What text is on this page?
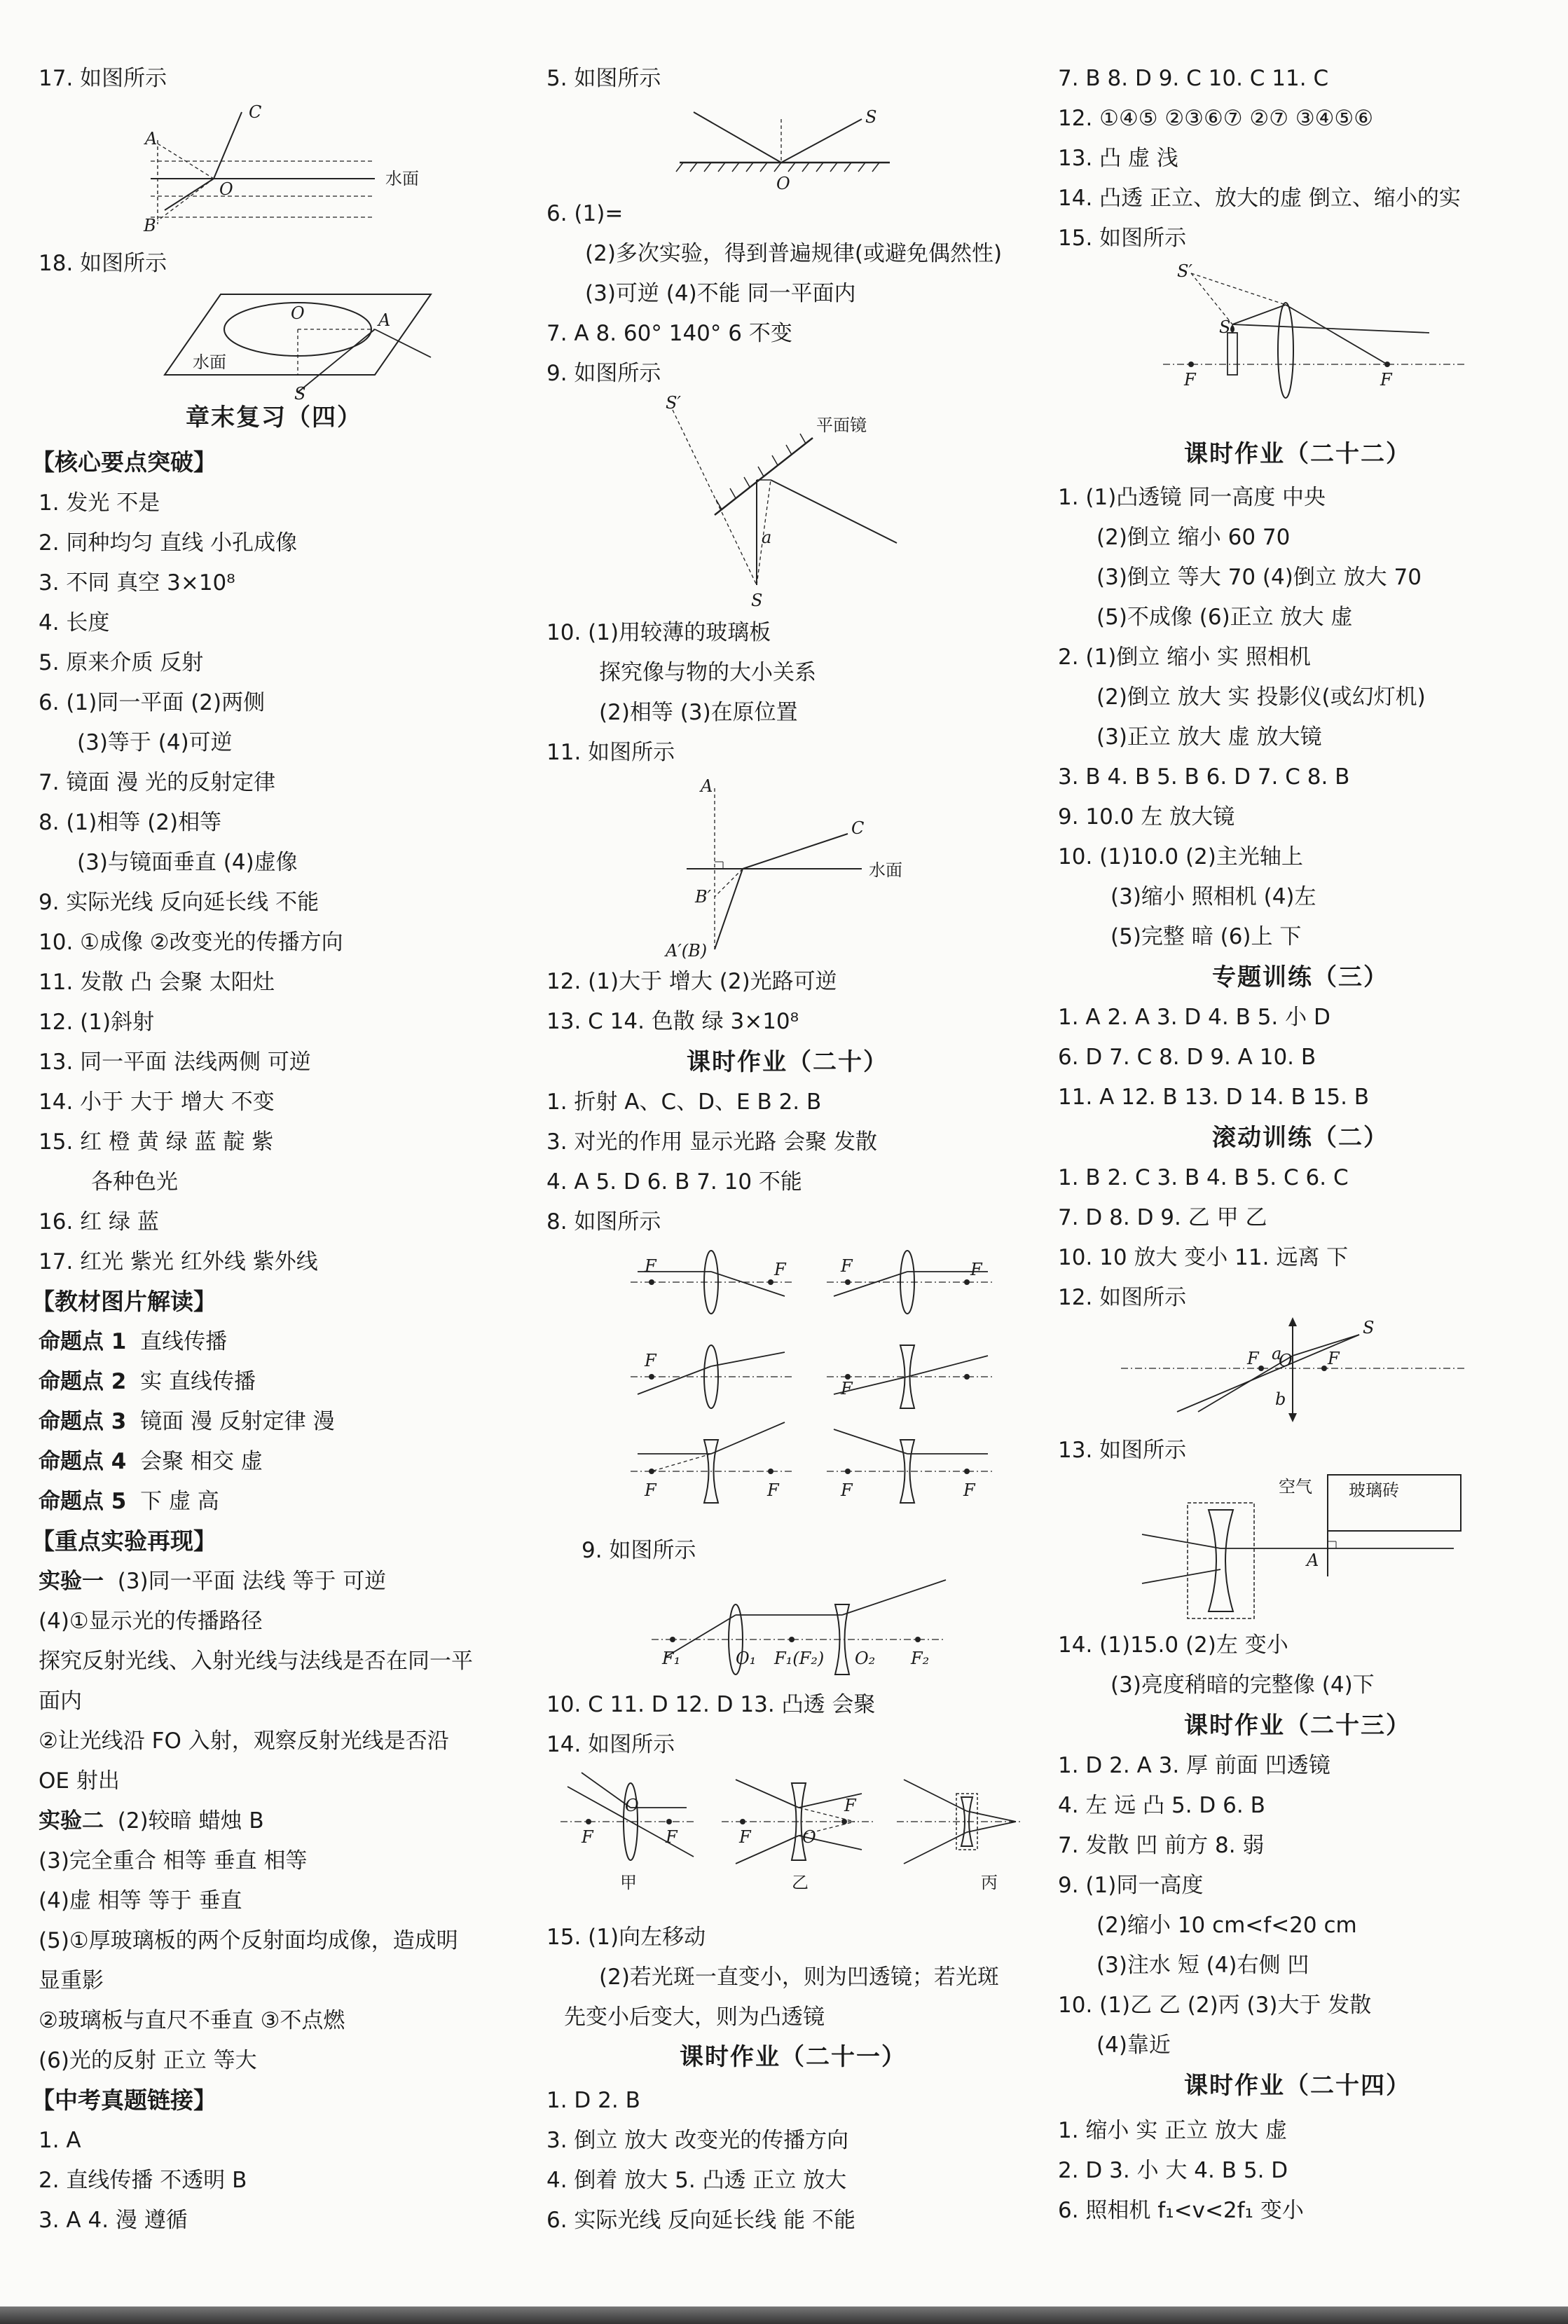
17. 如图所示
C
A
O
B
水面
18. 如图所示
O	A
水面
S
章末复习（四）
【核心要点突破】
1. 发光 不是
2. 同种均匀 直线 小孔成像
3. 不同 真空 3×10⁸
4. 长度
5. 原来介质 反射
6. (1)同一平面 (2)两侧
(3)等于 (4)可逆
7. 镜面 漫 光的反射定律
8. (1)相等 (2)相等
(3)与镜面垂直 (4)虚像
9. 实际光线 反向延长线 不能
10. ①成像 ②改变光的传播方向
11. 发散 凸 会聚 太阳灶
12. (1)斜射
13. 同一平面 法线两侧 可逆
14. 小于 大于 增大 不变
15. 红 橙 黄 绿 蓝 靛 紫
各种色光
16. 红 绿 蓝
17. 红光 紫光 红外线 紫外线
【教材图片解读】
命题点 1 直线传播
命题点 2 实 直线传播
命题点 3 镜面 漫 反射定律 漫
命题点 4 会聚 相交 虚
命题点 5 下 虚 高
【重点实验再现】
实验一 (3)同一平面 法线 等于 可逆
(4)①显示光的传播路径
探究反射光线、入射光线与法线是否在同一平
面内
②让光线沿 FO 入射，观察反射光线是否沿
OE 射出
实验二 (2)较暗 蜡烛 B
(3)完全重合 相等 垂直 相等
(4)虚 相等 等于 垂直
(5)①厚玻璃板的两个反射面均成像，造成明
显重影
②玻璃板与直尺不垂直 ③不点燃
(6)光的反射 正立 等大
【中考真题链接】
1. A
2. 直线传播 不透明 B
3. A 4. 漫 遵循
5. 如图所示
S
O
6. (1)=
(2)多次实验，得到普遍规律(或避免偶然性)
(3)可逆 (4)不能 同一平面内
7. A 8. 60° 140° 6 不变
9. 如图所示
S′
平面镜
a
S
10. (1)用较薄的玻璃板
探究像与物的大小关系
(2)相等 (3)在原位置
11. 如图所示
A
C
水面
B′
A′(B)
12. (1)大于 增大 (2)光路可逆
13. C 14. 色散 绿 3×10⁸
课时作业（二十）
1. 折射 A、C、D、E B 2. B
3. 对光的作用 显示光路 会聚 发散
4. A 5. D 6. B 7. 10 不能
8. 如图所示
F	F	F	F
F
F
F	F	F	F
9. 如图所示
F₁	O₁ F₁(F₂) O₂ F₂
10. C 11. D 12. D 13. 凸透 会聚
14. 如图所示
F
O
F
甲
F	O
F
乙	丙
15. (1)向左移动
(2)若光斑一直变小，则为凹透镜；若光斑
先变小后变大，则为凸透镜
课时作业（二十一）
1. D 2. B
3. 倒立 放大 改变光的传播方向
4. 倒着 放大 5. 凸透 正立 放大
6. 实际光线 反向延长线 能 不能
7. B 8. D 9. C 10. C 11. C
12. ①④⑤ ②③⑥⑦ ②⑦ ③④⑤⑥
13. 凸 虚 浅
14. 凸透 正立、放大的虚 倒立、缩小的实
15. 如图所示
S′
S
F	F
课时作业（二十二）
1. (1)凸透镜 同一高度 中央
(2)倒立 缩小 60 70
(3)倒立 等大 70 (4)倒立 放大 70
(5)不成像 (6)正立 放大 虚
2. (1)倒立 缩小 实 照相机
(2)倒立 放大 实 投影仪(或幻灯机)
(3)正立 放大 虚 放大镜
3. B 4. B 5. B 6. D 7. C 8. B
9. 10.0 左 放大镜
10. (1)10.0 (2)主光轴上
(3)缩小 照相机 (4)左
(5)完整 暗 (6)上 下
专题训练（三）
1. A 2. A 3. D 4. B 5. 小 D
6. D 7. C 8. D 9. A 10. B
11. A 12. B 13. D 14. B 15. B
滚动训练（二）
1. B 2. C 3. B 4. B 5. C 6. C
7. D 8. D 9. 乙 甲 乙
10. 10 放大 变小 11. 远离 下
12. 如图所示
S
a
F O F
b
13. 如图所示
空气 玻璃砖
A
14. (1)15.0 (2)左 变小
(3)亮度稍暗的完整像 (4)下
课时作业（二十三）
1. D 2. A 3. 厚 前面 凹透镜
4. 左 远 凸 5. D 6. B
7. 发散 凹 前方 8. 弱
9. (1)同一高度
(2)缩小 10 cm<f<20 cm
(3)注水 短 (4)右侧 凹
10. (1)乙 乙 (2)丙 (3)大于 发散
(4)靠近
课时作业（二十四）
1. 缩小 实 正立 放大 虚
2. D 3. 小 大 4. B 5. D
6. 照相机 f₁<v<2f₁ 变小
